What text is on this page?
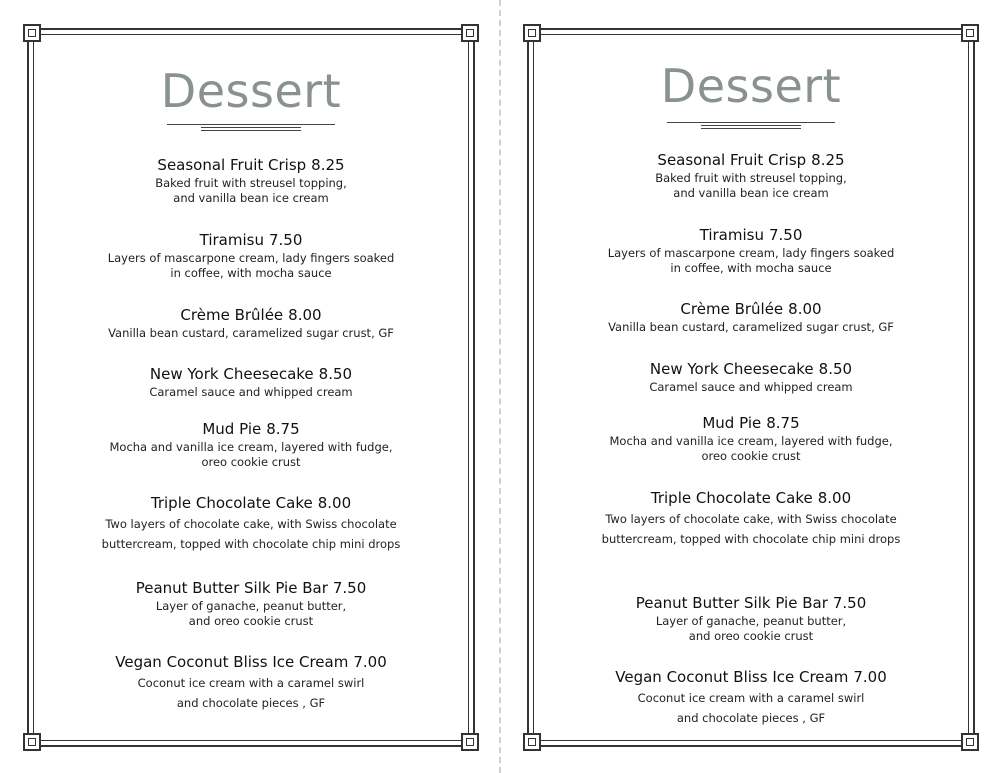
Dessert
Seasonal Fruit Crisp 8.25
Baked fruit with streusel topping,
and vanilla bean ice cream
Tiramisu 7.50
Layers of mascarpone cream, lady fingers soaked
in coffee, with mocha sauce
Crème Brûlée 8.00
Vanilla bean custard, caramelized sugar crust, GF
New York Cheesecake 8.50
Caramel sauce and whipped cream
Mud Pie 8.75
Mocha and vanilla ice cream, layered with fudge,
oreo cookie crust
Triple Chocolate Cake 8.00
Two layers of chocolate cake, with Swiss chocolate
buttercream, topped with chocolate chip mini drops
Peanut Butter Silk Pie Bar 7.50
Layer of ganache, peanut butter,
and oreo cookie crust
Vegan Coconut Bliss Ice Cream 7.00
Coconut ice cream with a caramel swirl
and chocolate pieces , GF
Dessert
Seasonal Fruit Crisp 8.25
Baked fruit with streusel topping,
and vanilla bean ice cream
Tiramisu 7.50
Layers of mascarpone cream, lady fingers soaked
in coffee, with mocha sauce
Crème Brûlée 8.00
Vanilla bean custard, caramelized sugar crust, GF
New York Cheesecake 8.50
Caramel sauce and whipped cream
Mud Pie 8.75
Mocha and vanilla ice cream, layered with fudge,
oreo cookie crust
Triple Chocolate Cake 8.00
Two layers of chocolate cake, with Swiss chocolate
buttercream, topped with chocolate chip mini drops
Peanut Butter Silk Pie Bar 7.50
Layer of ganache, peanut butter,
and oreo cookie crust
Vegan Coconut Bliss Ice Cream 7.00
Coconut ice cream with a caramel swirl
and chocolate pieces , GF
